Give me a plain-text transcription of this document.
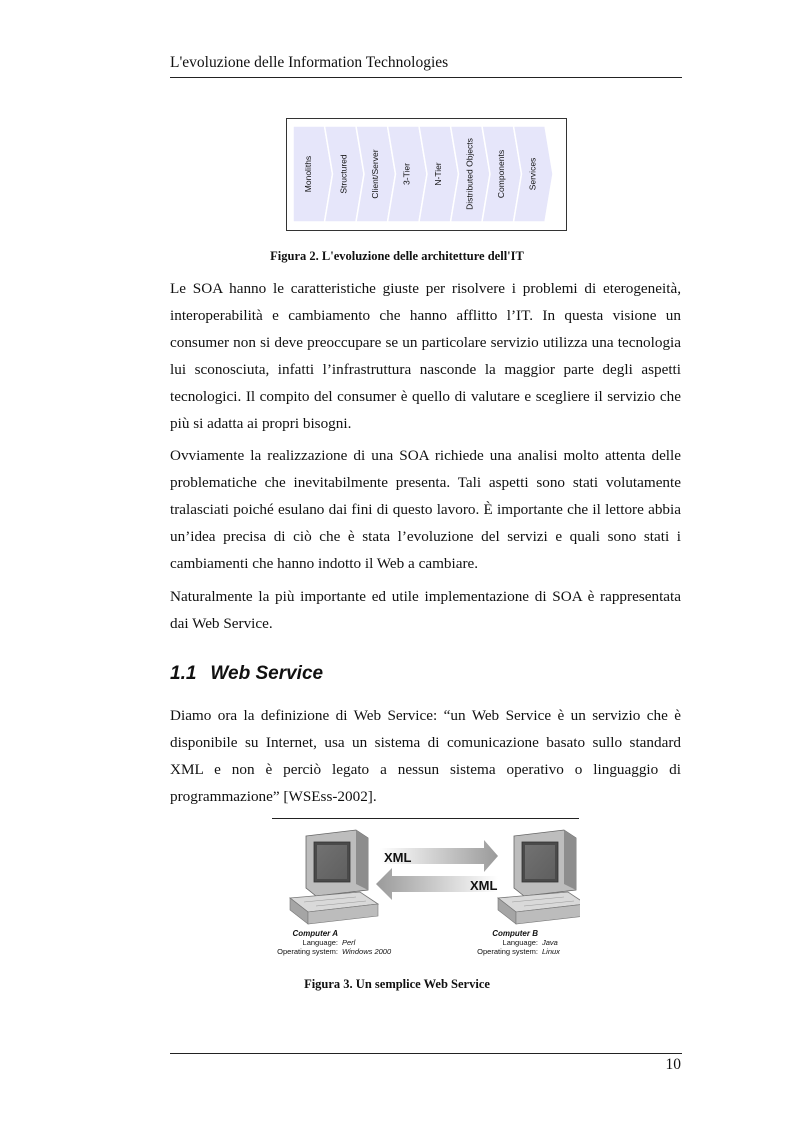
L'evoluzione delle Information Technologies
Monoliths	Structured	Client/Server	3-Tier	N-Tier	Distributed Objects	Components	Services
Figura 2. L'evoluzione delle architetture dell'IT

Le SOA hanno le caratteristiche giuste per risolvere i problemi di eterogeneità, interoperabilità e cambiamento che hanno afflitto l’IT. In questa visione un consumer non si deve preoccupare se un particolare servizio utilizza una tecnologia lui sconosciuta, infatti l’infrastruttura nasconde la maggior parte degli aspetti tecnologici. Il compito del consumer è quello di valutare e scegliere il servizio che più si adatta ai propri bisogni.

Ovviamente la realizzazione di una SOA richiede una analisi molto attenta delle problematiche che inevitabilmente presenta. Tali aspetti sono stati volutamente tralasciati poiché esulano dai fini di questo lavoro. È importante che il lettore abbia un’idea precisa di ciò che è stata l’evoluzione del servizi e quali sono stati i cambiamenti che hanno indotto il Web a cambiare.

Naturalmente la più importante ed utile implementazione di SOA è rappresentata dai Web Service.

1.1 Web Service

Diamo ora la definizione di Web Service: “un Web Service è un servizio che è disponibile su Internet, usa un sistema di comunicazione basato sullo standard XML e non è perciò legato a nessun sistema operativo o linguaggio di programmazione” [WSEss-2002].

XML
XML
Computer A
Language: Perl
Operating system: Windows 2000
Computer B
Language: Java
Operating system: Linux
Figura 3. Un semplice Web Service
10
